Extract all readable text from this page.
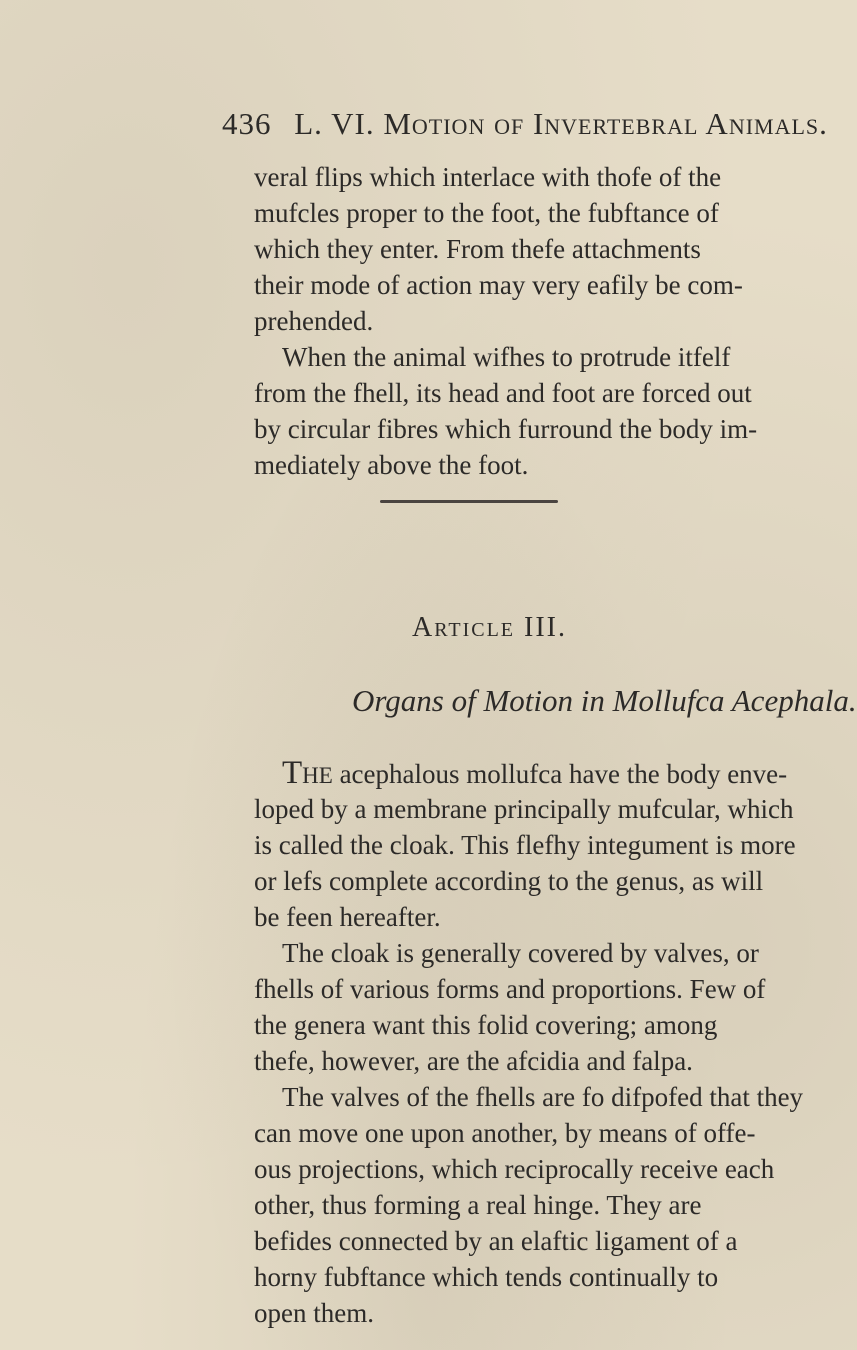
436 L. VI. Motion of Invertebral Animals.
veral flips which interlace with thofe of the
mufcles proper to the foot, the fubftance of
which they enter. From thefe attachments
their mode of action may very eafily be com-
prehended.
When the animal wifhes to protrude itfelf
from the fhell, its head and foot are forced out
by circular fibres which furround the body im-
mediately above the foot.
Article III.
Organs of Motion in Mollufca Acephala.
The acephalous mollufca have the body enve-
loped by a membrane principally mufcular, which
is called the cloak. This flefhy integument is more
or lefs complete according to the genus, as will
be feen hereafter.
The cloak is generally covered by valves, or
fhells of various forms and proportions. Few of
the genera want this folid covering; among
thefe, however, are the afcidia and falpa.
The valves of the fhells are fo difpofed that they
can move one upon another, by means of offe-
ous projections, which reciprocally receive each
other, thus forming a real hinge. They are
befides connected by an elaftic ligament of a
horny fubftance which tends continually to
open them.
